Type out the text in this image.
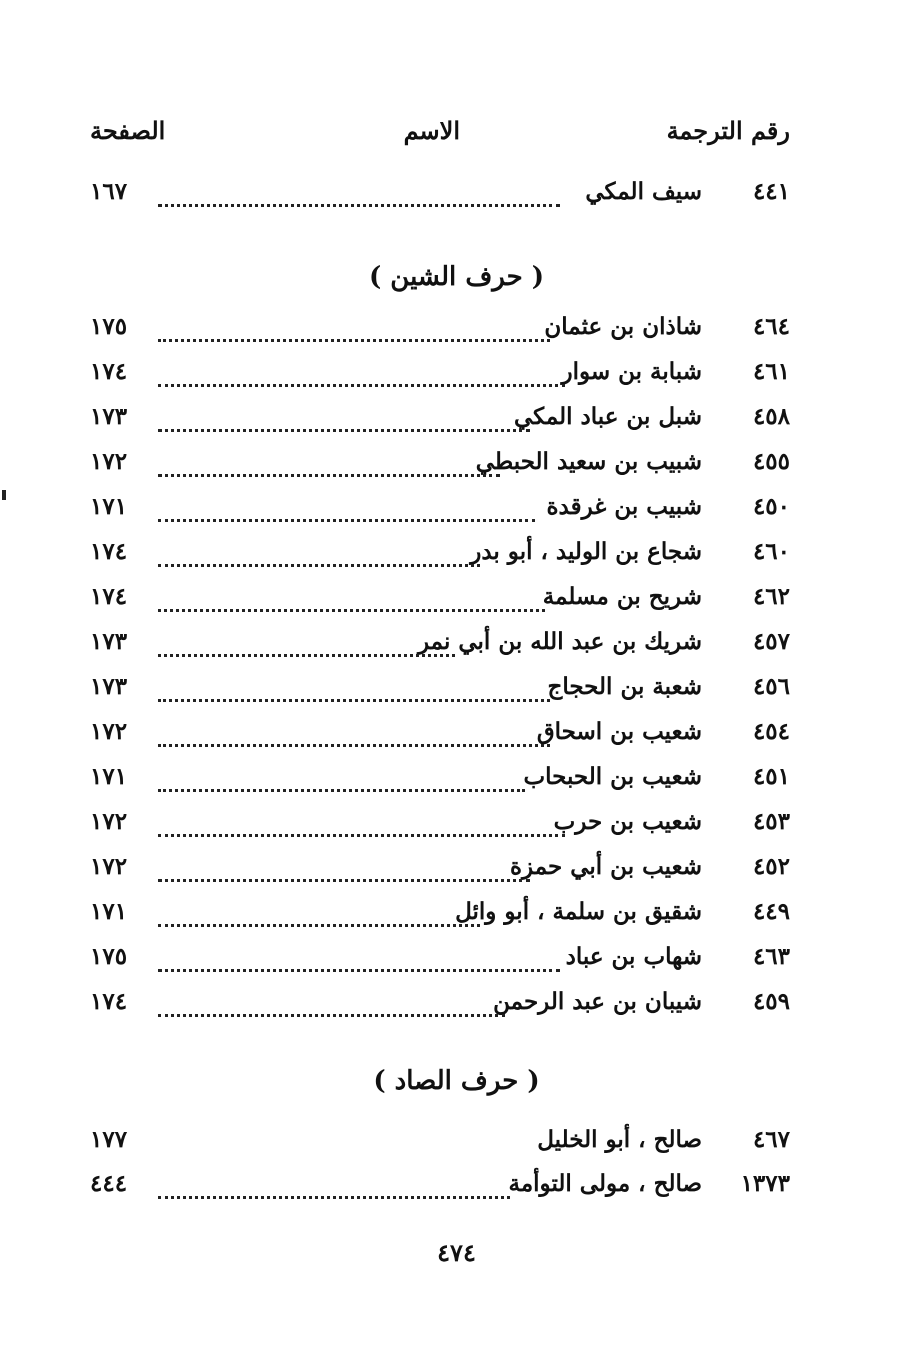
رقم الترجمة
الاسم
الصفحة
٤٤١
سيف المكي
١٦٧
( حرف الشين )
٤٦٤
شاذان بن عثمان
١٧٥
٤٦١
شبابة بن سوار
١٧٤
٤٥٨
شبل بن عباد المكي
١٧٣
٤٥٥
شبيب بن سعيد الحبطي
١٧٢
٤٥٠
شبيب بن غرقدة
١٧١
٤٦٠
شجاع بن الوليد ، أبو بدر
١٧٤
٤٦٢
شريح بن مسلمة
١٧٤
٤٥٧
شريك بن عبد الله بن أبي نمر
١٧٣
٤٥٦
شعبة بن الحجاج
١٧٣
٤٥٤
شعيب بن اسحاق
١٧٢
٤٥١
شعيب بن الحبحاب
١٧١
٤٥٣
شعيب بن حرب
١٧٢
٤٥٢
شعيب بن أبي حمزة
١٧٢
٤٤٩
شقيق بن سلمة ، أبو وائل
١٧١
٤٦٣
شهاب بن عباد
١٧٥
٤٥٩
شيبان بن عبد الرحمن
١٧٤
( حرف الصاد )
٤٦٧
صالح ، أبو الخليل
١٧٧
١٣٧٣
صالح ، مولى التوأمة
٤٤٤
٤٧٤
